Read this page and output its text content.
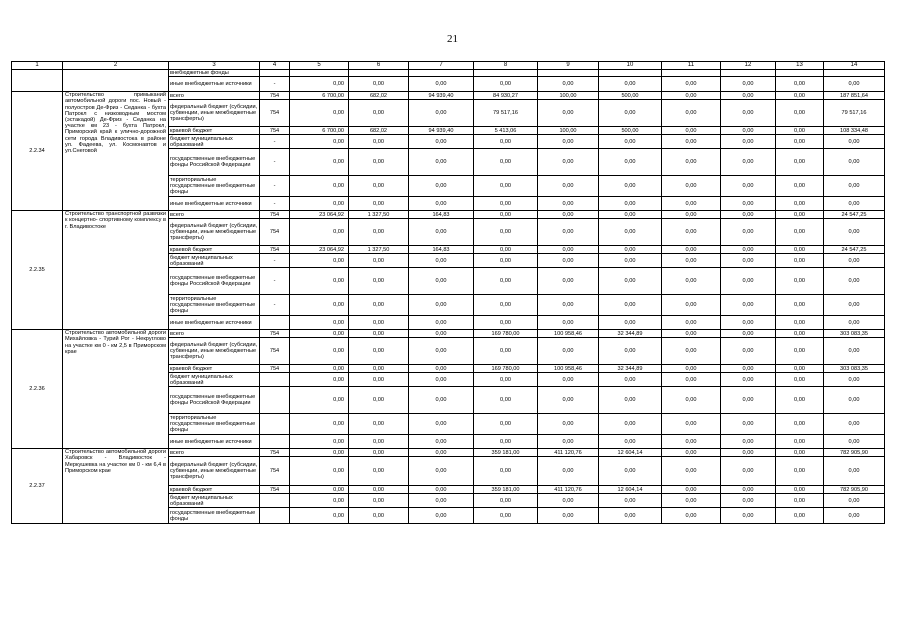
21
1	2	3	4	5	6	7	8	9	10	11	12	13	14
		внебюджетные фонды											
		иные внебюджетные источники	-	0,00	0,00	0,00	0,00	0,00	0,00	0,00	0,00	0,00	0,00
2.2.34	Строительство примыканий автомобильной дороги пос. Новый - полуостров Де-Фриз - Седанка - бухта Патрокл с низководным мостом (эстакадой) Де-Фриз - Седанка на участке км 23 - бухта Патрокл, Приморский край к улично-дорожной сети города Владивостока в районе ул. Фадеева, ул. Космонавтов и ул.Снеговой	всего	754	6 700,00	682,02	94 939,40	84 930,27	100,00	500,00	0,00	0,00	0,00	187 851,64
		федеральный бюджет (субсидии, субвенции, иные межбюджетные трансферты)	754	0,00	0,00	0,00	79 517,16	0,00	0,00	0,00	0,00	0,00	79 517,16
		краевой бюджет	754	6 700,00	682,02	94 939,40	5 413,06	100,00	500,00	0,00	0,00	0,00	108 334,48
		бюджет муниципальных образований	-	0,00	0,00	0,00	0,00	0,00	0,00	0,00	0,00	0,00	0,00
		государственные внебюджетные фонды Российской Федерации	-	0,00	0,00	0,00	0,00	0,00	0,00	0,00	0,00	0,00	0,00
		территориальные государственные внебюджетные фонды	-	0,00	0,00	0,00	0,00	0,00	0,00	0,00	0,00	0,00	0,00
		иные внебюджетные источники	-	0,00	0,00	0,00	0,00	0,00	0,00	0,00	0,00	0,00	0,00
2.2.35	Строительство транспортной развязки к концертно- спортивному комплексу в г. Владивостоке	всего	754	23 064,92	1 327,50	164,83	0,00	0,00	0,00	0,00	0,00	0,00	24 547,25
		федеральный бюджет (субсидии, субвенции, иные межбюджетные трансферты)	754	0,00	0,00	0,00	0,00	0,00	0,00	0,00	0,00	0,00	0,00
		краевой бюджет	754	23 064,92	1 327,50	164,83	0,00	0,00	0,00	0,00	0,00	0,00	24 547,25
		бюджет муниципальных образований	-	0,00	0,00	0,00	0,00	0,00	0,00	0,00	0,00	0,00	0,00
		государственные внебюджетные фонды Российской Федерации	-	0,00	0,00	0,00	0,00	0,00	0,00	0,00	0,00	0,00	0,00
		территориальные государственные внебюджетные фонды	-	0,00	0,00	0,00	0,00	0,00	0,00	0,00	0,00	0,00	0,00
		иные внебюджетные источники		0,00	0,00	0,00	0,00	0,00	0,00	0,00	0,00	0,00	0,00
2.2.36	Строительство автомобильной дороги Михайловка - Турий Рог - Некруглово на участке км 0 - км 2,5 в Приморском крае	всего	754	0,00	0,00	0,00	169 780,00	100 958,46	32 344,89	0,00	0,00	0,00	303 083,35
		федеральный бюджет (субсидии, субвенции, иные межбюджетные трансферты)	754	0,00	0,00	0,00	0,00	0,00	0,00	0,00	0,00	0,00	0,00
		краевой бюджет	754	0,00	0,00	0,00	169 780,00	100 958,46	32 344,89	0,00	0,00	0,00	303 083,35
		бюджет муниципальных образований		0,00	0,00	0,00	0,00	0,00	0,00	0,00	0,00	0,00	0,00
		государственные внебюджетные фонды Российской Федерации		0,00	0,00	0,00	0,00	0,00	0,00	0,00	0,00	0,00	0,00
		территориальные государственные внебюджетные фонды		0,00	0,00	0,00	0,00	0,00	0,00	0,00	0,00	0,00	0,00
		иные внебюджетные источники		0,00	0,00	0,00	0,00	0,00	0,00	0,00	0,00	0,00	0,00
2.2.37	Строительство автомобильной дороги Хабаровск - Владивосток - Меркушевка на участке км 0 - км 6,4 в Приморском крае	всего	754	0,00	0,00	0,00	359 181,00	411 120,76	12 604,14	0,00	0,00	0,00	782 905,90
		федеральный бюджет (субсидии, субвенции, иные межбюджетные трансферты)	754	0,00	0,00	0,00	0,00	0,00	0,00	0,00	0,00	0,00	0,00
		краевой бюджет	754	0,00	0,00	0,00	359 181,00	411 120,76	12 604,14	0,00	0,00	0,00	782 905,90
		бюджет муниципальных образований		0,00	0,00	0,00	0,00	0,00	0,00	0,00	0,00	0,00	0,00
		государственные внебюджетные фонды		0,00	0,00	0,00	0,00	0,00	0,00	0,00	0,00	0,00	0,00
